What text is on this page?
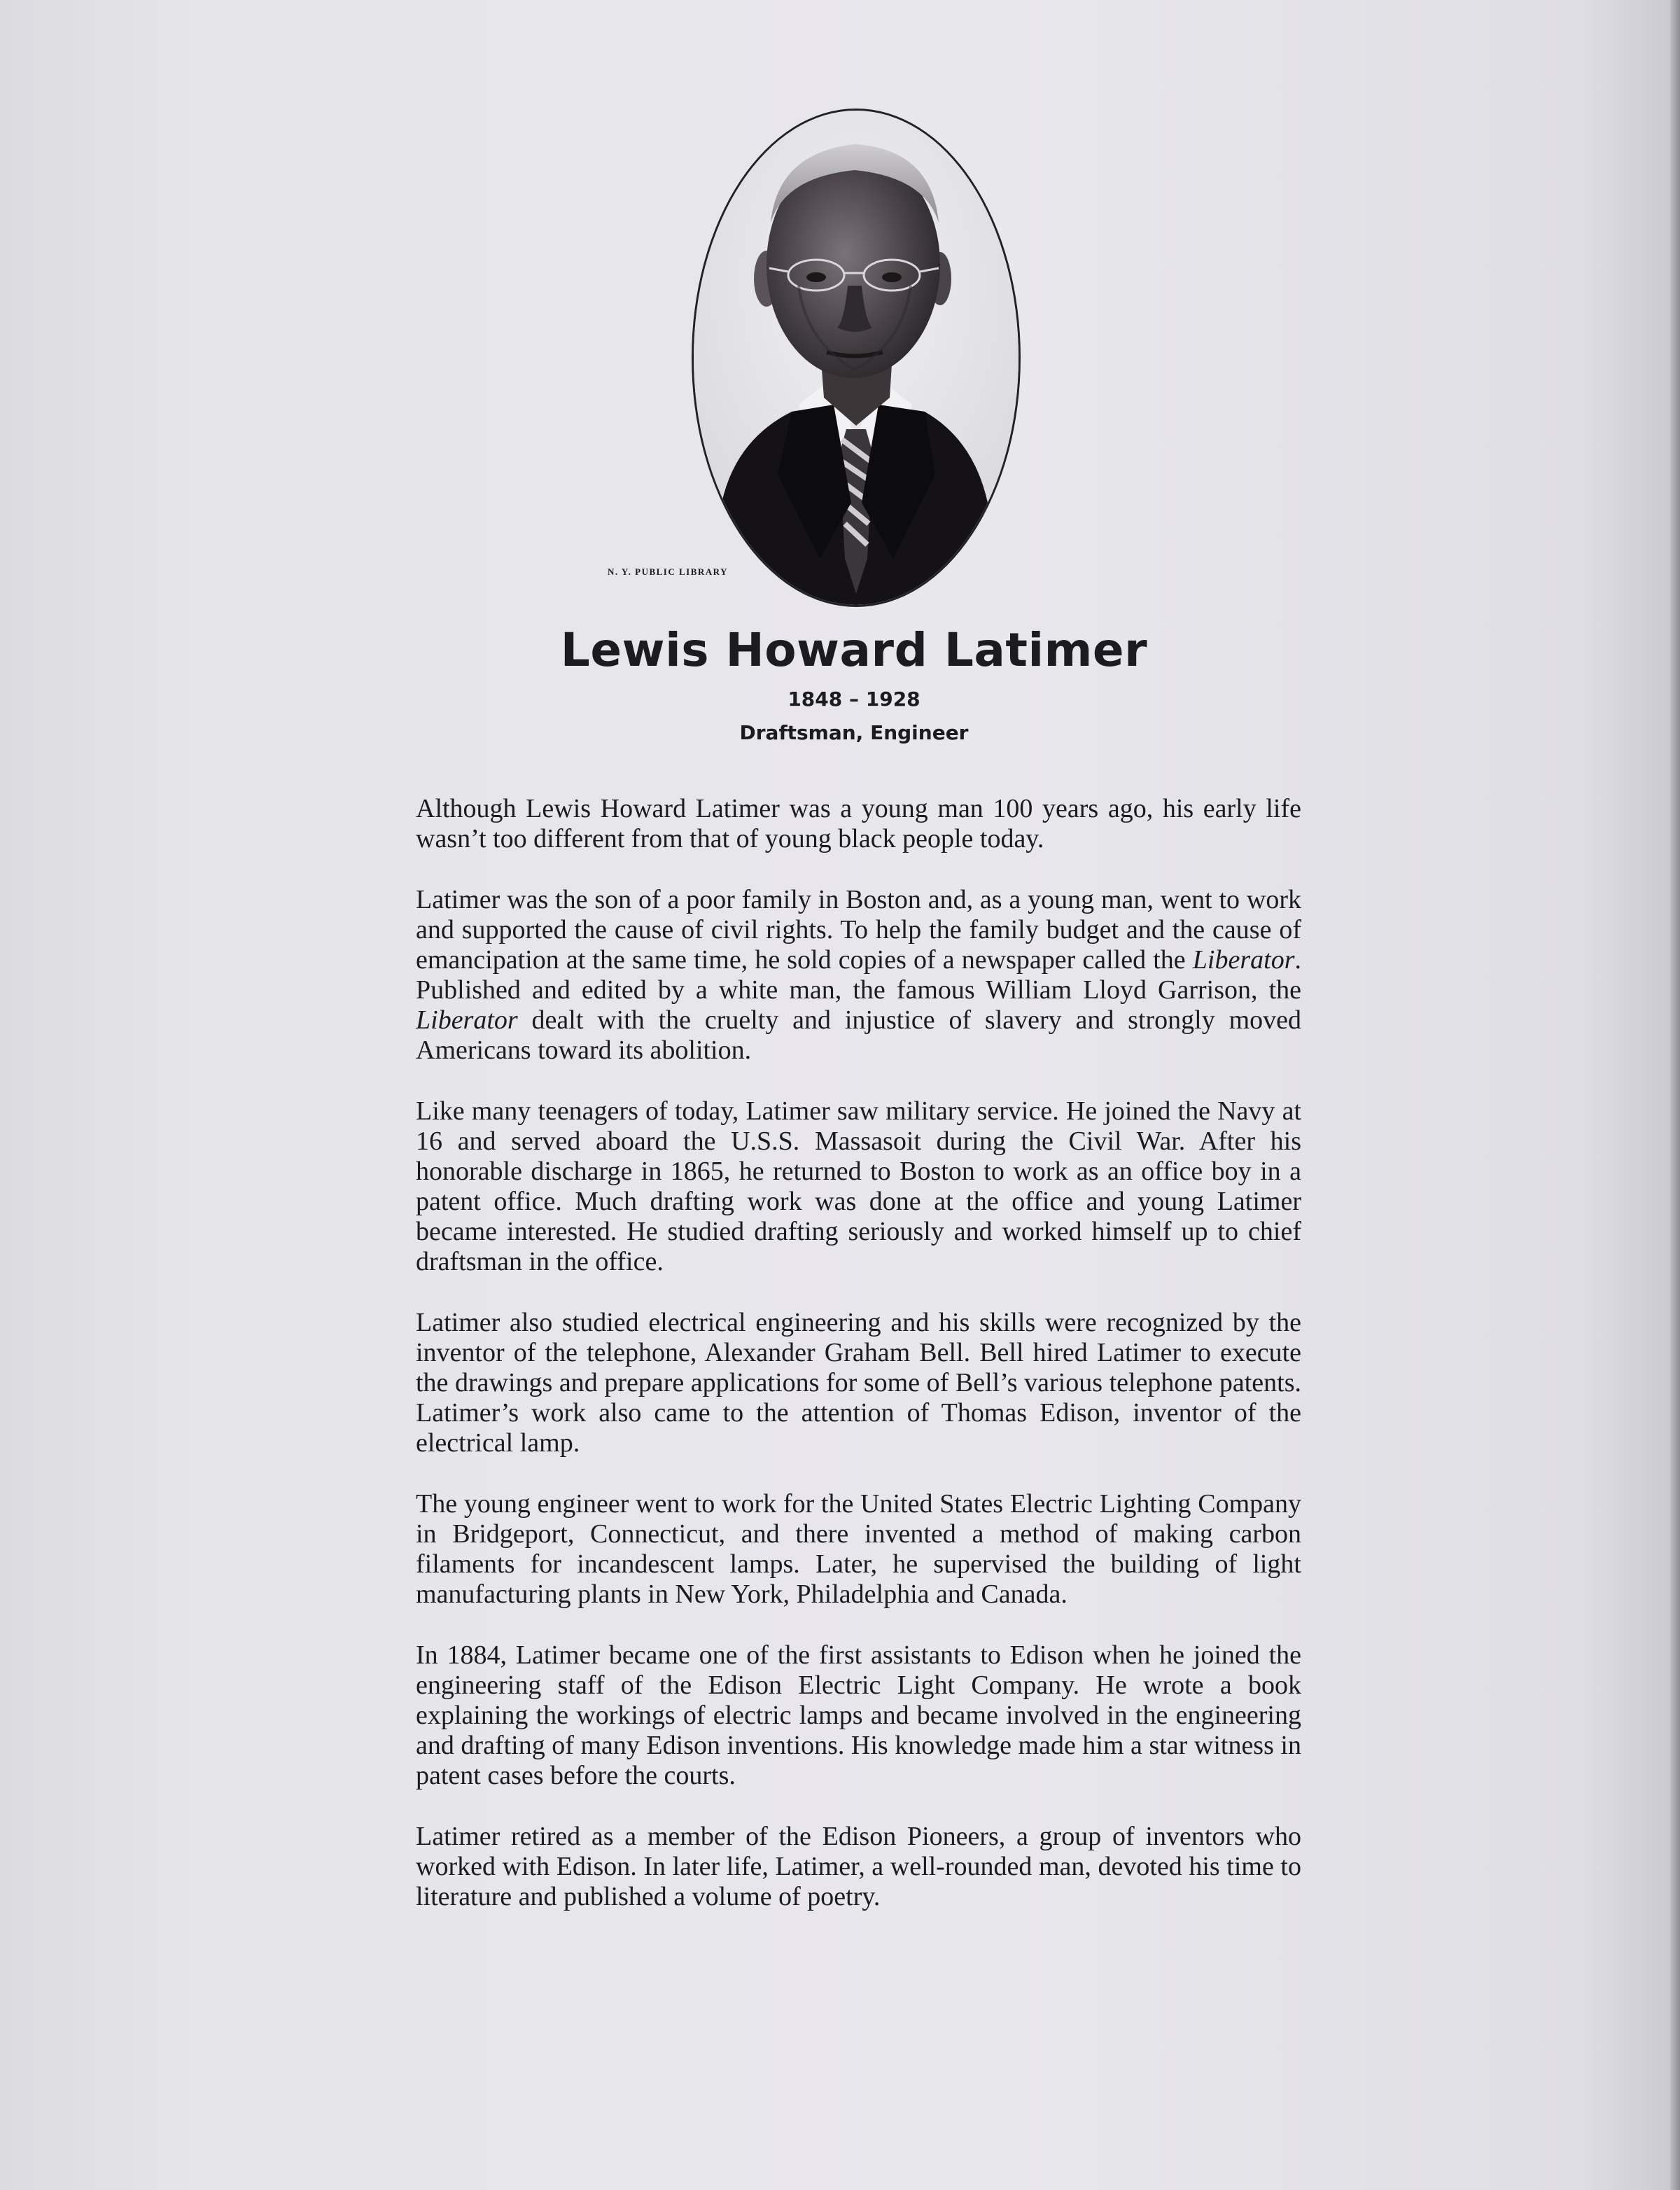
N. Y. PUBLIC LIBRARY
Lewis Howard Latimer
1848 – 1928
Draftsman, Engineer

Although Lewis Howard Latimer was a young man 100 years ago, his early life wasn’t too different from that of young black people today.

Latimer was the son of a poor family in Boston and, as a young man, went to work and supported the cause of civil rights. To help the family budget and the cause of emancipation at the same time, he sold copies of a newspaper called the Liberator. Published and edited by a white man, the famous William Lloyd Garrison, the Liberator dealt with the cruelty and injustice of slavery and strongly moved Americans toward its abolition.

Like many teenagers of today, Latimer saw military service. He joined the Navy at 16 and served aboard the U.S.S. Massasoit during the Civil War. After his honorable discharge in 1865, he returned to Boston to work as an office boy in a patent office. Much drafting work was done at the office and young Latimer became interested. He studied drafting seriously and worked himself up to chief draftsman in the office.

Latimer also studied electrical engineering and his skills were recognized by the inventor of the telephone, Alexander Graham Bell. Bell hired Latimer to execute the drawings and prepare applications for some of Bell’s various telephone patents. Latimer’s work also came to the attention of Thomas Edison, inventor of the electrical lamp.

The young engineer went to work for the United States Electric Lighting Company in Bridgeport, Connecticut, and there invented a method of making carbon filaments for incandescent lamps. Later, he supervised the building of light manufacturing plants in New York, Philadelphia and Canada.

In 1884, Latimer became one of the first assistants to Edison when he joined the engineering staff of the Edison Electric Light Company. He wrote a book explaining the workings of electric lamps and became involved in the engineering and drafting of many Edison inventions. His knowledge made him a star witness in patent cases before the courts.

Latimer retired as a member of the Edison Pioneers, a group of inventors who worked with Edison. In later life, Latimer, a well-rounded man, devoted his time to literature and published a volume of poetry.
